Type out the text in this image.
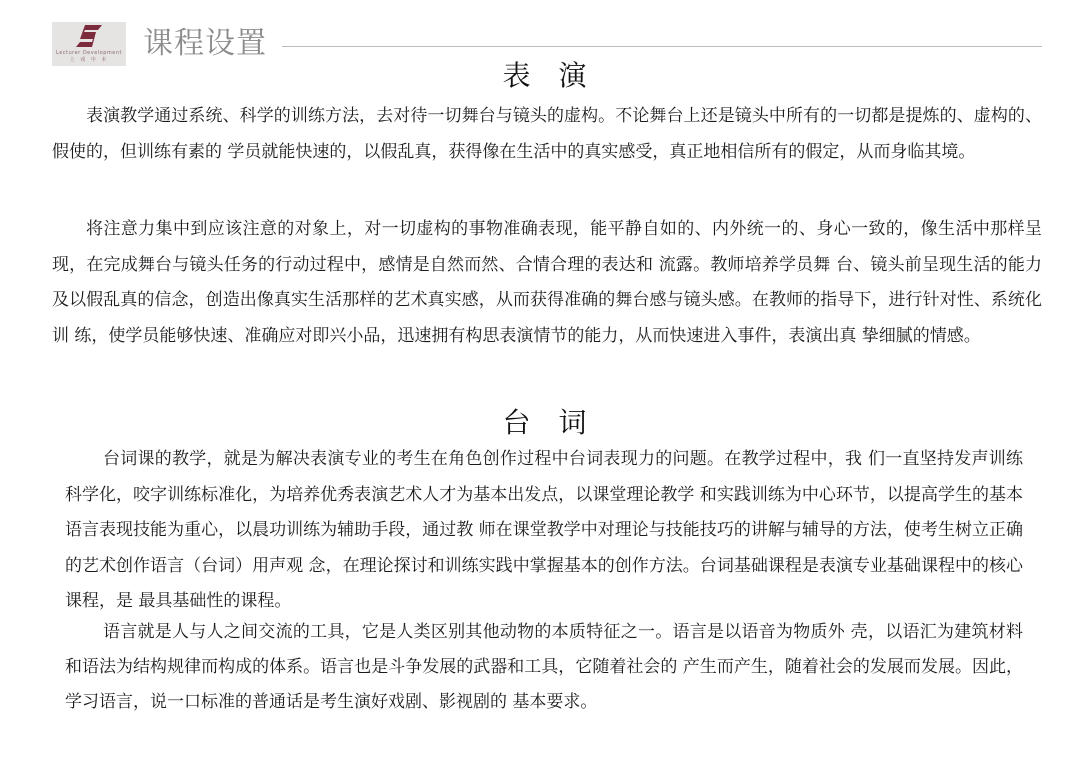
Lecturer Development
上 戏 中 本	课程设置
表　演

表演教学通过系统、科学的训练方法，去对待一切舞台与镜头的虚构。不论舞台上还是镜头中所有的一切都是提炼的、虚构的、假使的，但训练有素的 学员就能快速的，以假乱真，获得像在生活中的真实感受，真正地相信所有的假定，从而身临其境。

将注意力集中到应该注意的对象上，对一切虚构的事物准确表现，能平静自如的、内外统一的、身心一致的，像生活中那样呈现，在完成舞台与镜头任务的行动过程中，感情是自然而然、合情合理的表达和 流露。教师培养学员舞 台、镜头前呈现生活的能力及以假乱真的信念，创造出像真实生活那样的艺术真实感，从而获得准确的舞台感与镜头感。在教师的指导下，进行针对性、系统化训 练，使学员能够快速、准确应对即兴小品，迅速拥有构思表演情节的能力，从而快速进入事件，表演出真 挚细腻的情感。

台　词

台词课的教学，就是为解决表演专业的考生在角色创作过程中台词表现力的问题。在教学过程中，我 们一直坚持发声训练科学化，咬字训练标准化，为培养优秀表演艺术人才为基本出发点，以课堂理论教学 和实践训练为中心环节，以提高学生的基本语言表现技能为重心，以晨功训练为辅助手段，通过教 师在课堂教学中对理论与技能技巧的讲解与辅导的方法，使考生树立正确的艺术创作语言（台词）用声观 念，在理论探讨和训练实践中掌握基本的创作方法。台词基础课程是表演专业基础课程中的核心课程，是 最具基础性的课程。

语言就是人与人之间交流的工具，它是人类区别其他动物的本质特征之一。语言是以语音为物质外 壳，以语汇为建筑材料和语法为结构规律而构成的体系。语言也是斗争发展的武器和工具，它随着社会的 产生而产生，随着社会的发展而发展。因此，学习语言，说一口标准的普通话是考生演好戏剧、影视剧的 基本要求。
